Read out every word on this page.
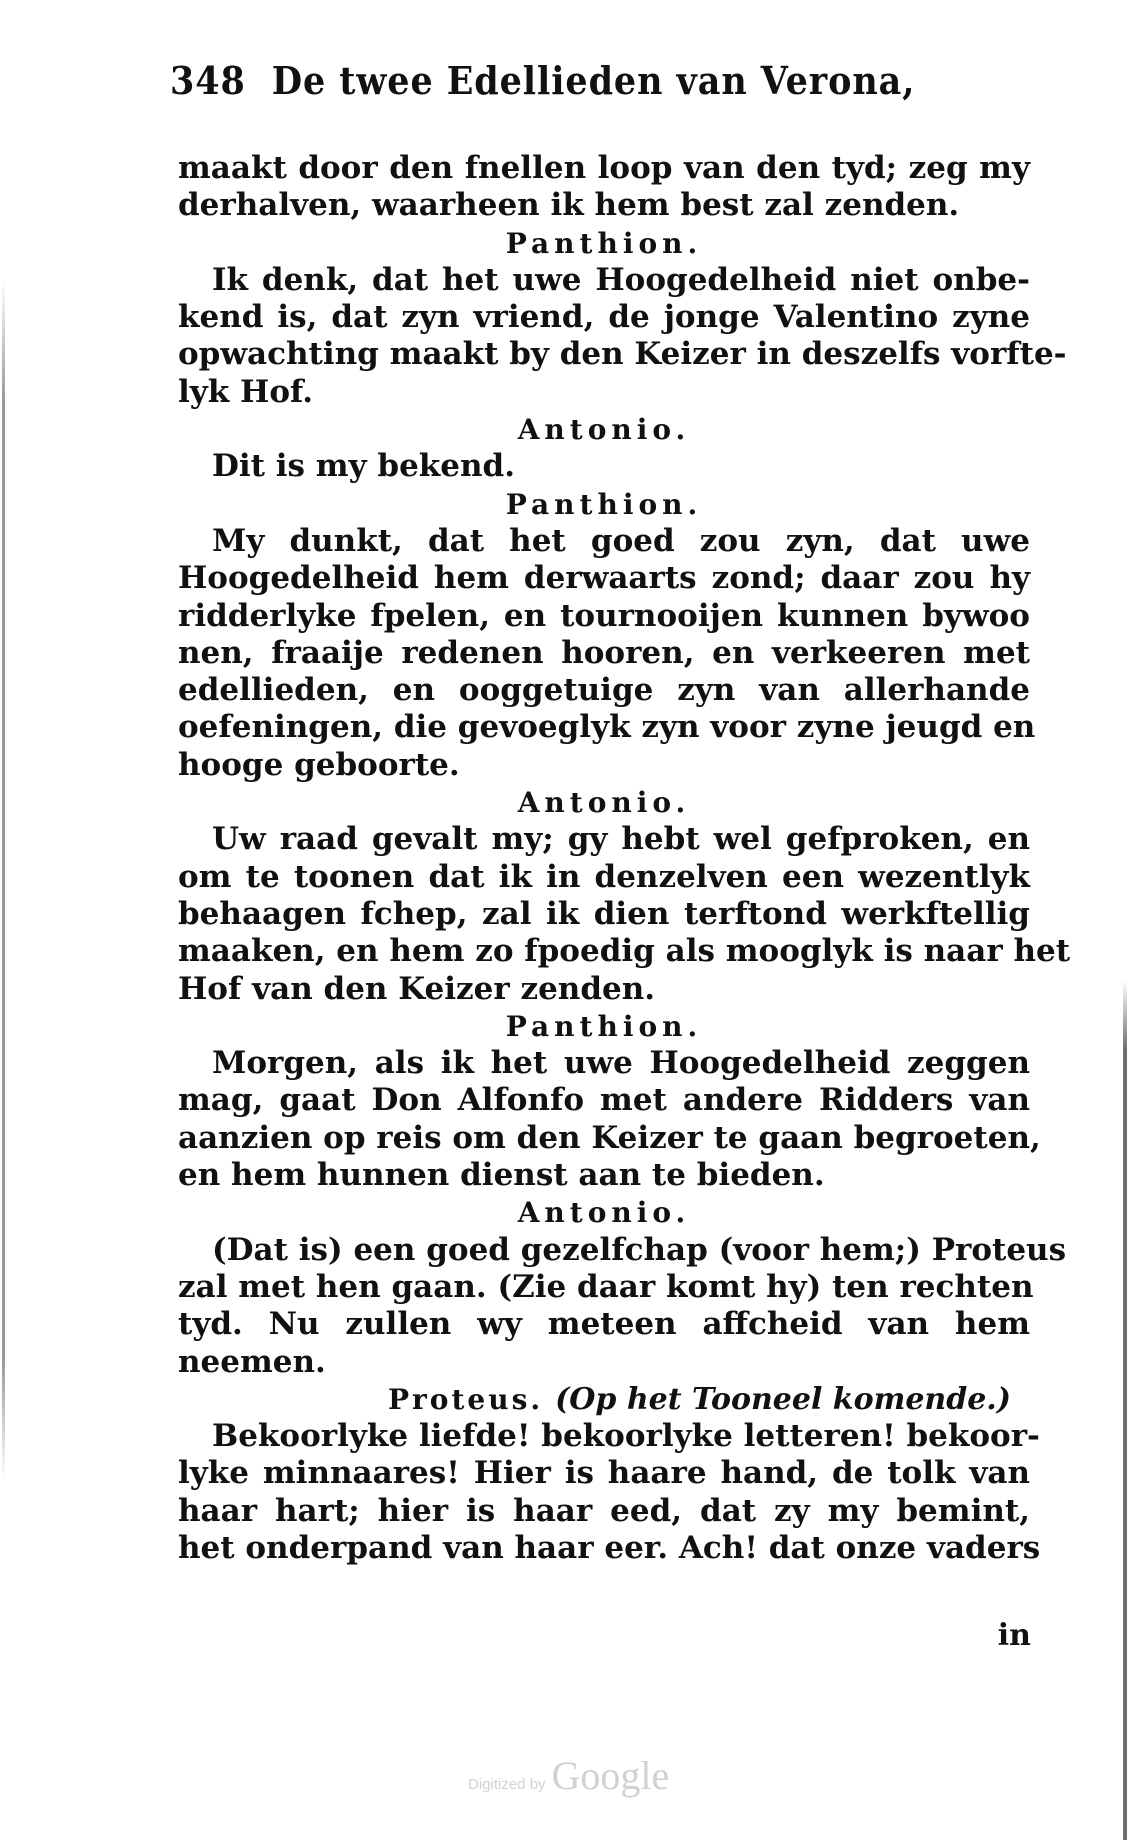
348 De twee Edellieden van Verona,
maakt door den fnellen loop van den tyd; zeg my
derhalven, waarheen ik hem best zal zenden.
Panthion.
Ik denk, dat het uwe Hoogedelheid niet onbe-
kend is, dat zyn vriend, de jonge Valentino zyne
opwachting maakt by den Keizer in deszelfs vorfte-
lyk Hof.
Antonio.
Dit is my bekend.
Panthion.
My dunkt, dat het goed zou zyn, dat uwe
Hoogedelheid hem derwaarts zond; daar zou hy
ridderlyke fpelen, en tournooijen kunnen bywoo
nen, fraaije redenen hooren, en verkeeren met
edellieden, en ooggetuige zyn van allerhande
oefeningen, die gevoeglyk zyn voor zyne jeugd en
hooge geboorte.
Antonio.
Uw raad gevalt my; gy hebt wel gefproken, en
om te toonen dat ik in denzelven een wezentlyk
behaagen fchep, zal ik dien terftond werkftellig
maaken, en hem zo fpoedig als mooglyk is naar het
Hof van den Keizer zenden.
Panthion.
Morgen, als ik het uwe Hoogedelheid zeggen
mag, gaat Don Alfonfo met andere Ridders van
aanzien op reis om den Keizer te gaan begroeten,
en hem hunnen dienst aan te bieden.
Antonio.
(Dat is) een goed gezelfchap (voor hem;) Proteus
zal met hen gaan. (Zie daar komt hy) ten rechten
tyd. Nu zullen wy meteen affcheid van hem
neemen.
Proteus. (Op het Tooneel komende.)
Bekoorlyke liefde! bekoorlyke letteren! bekoor-
lyke minnaares! Hier is haare hand, de tolk van
haar hart; hier is haar eed, dat zy my bemint,
het onderpand van haar eer. Ach! dat onze vaders
in
Digitized by Google
